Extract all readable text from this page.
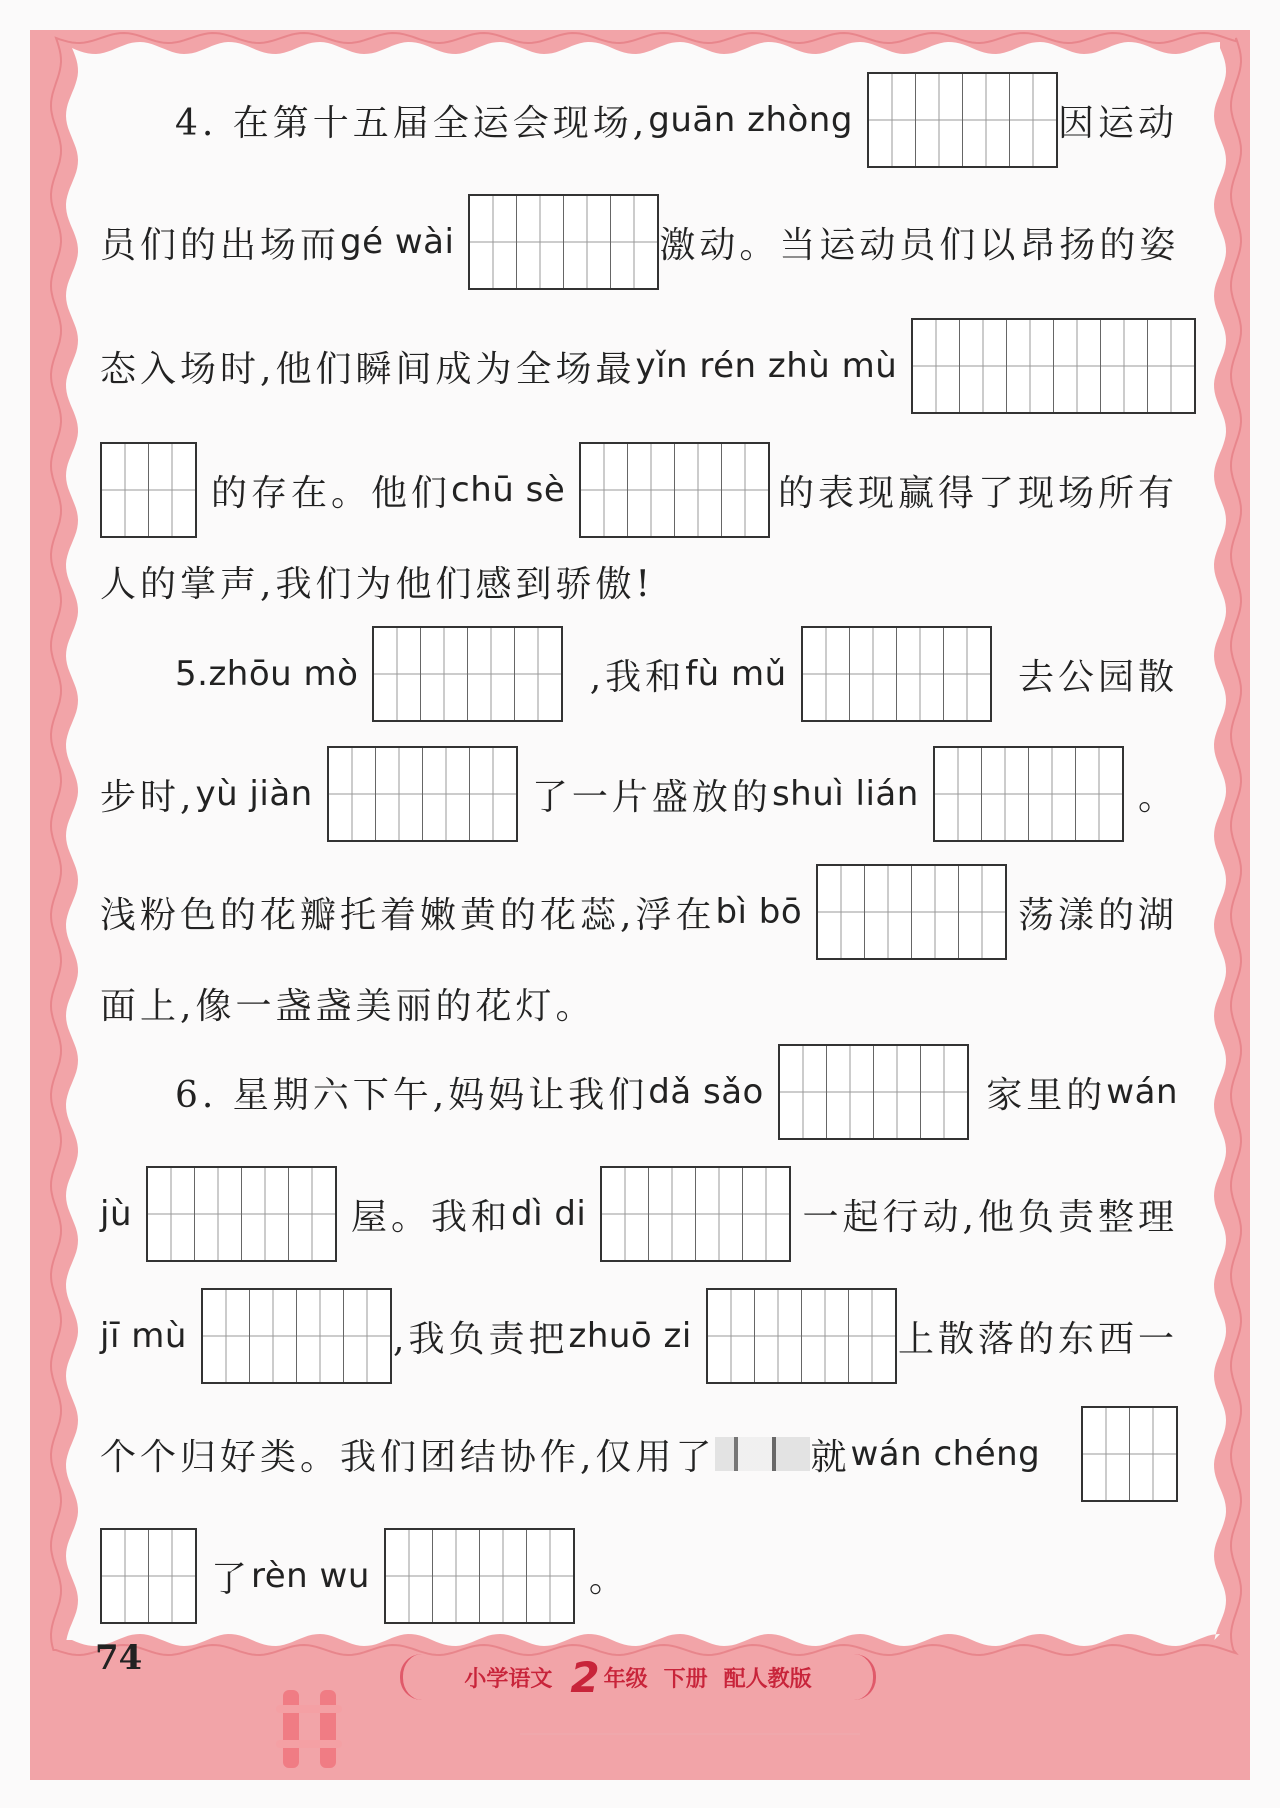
4. 在第十五届全运会现场, guān zhòng	因运动
员们的出场而 gé wài	激动。当运动员们以昂扬的姿
态入场时,他们瞬间成为全场最 yǐn rén zhù mù
的存在。他们 chū sè	的表现赢得了现场所有
人的掌声,我们为他们感到骄傲!
5. zhōu mò	,我和 fù mǔ	去公园散
步时, yù jiàn	了一片盛放的 shuì lián	。
浅粉色的花瓣托着嫩黄的花蕊,浮在 bì bō	荡漾的湖
面上,像一盏盏美丽的花灯。
6. 星期六下午,妈妈让我们 dǎ sǎo	家里的 wán
jù	屋。我和 dì di	一起行动,他负责整理
jī mù	,我负责把 zhuō zi	上散落的东西一
个个归好类。我们团结协作,仅用了	就 wán chéng
了 rèn wu	。
74
小学语文 2 年级 下册 配人教版
